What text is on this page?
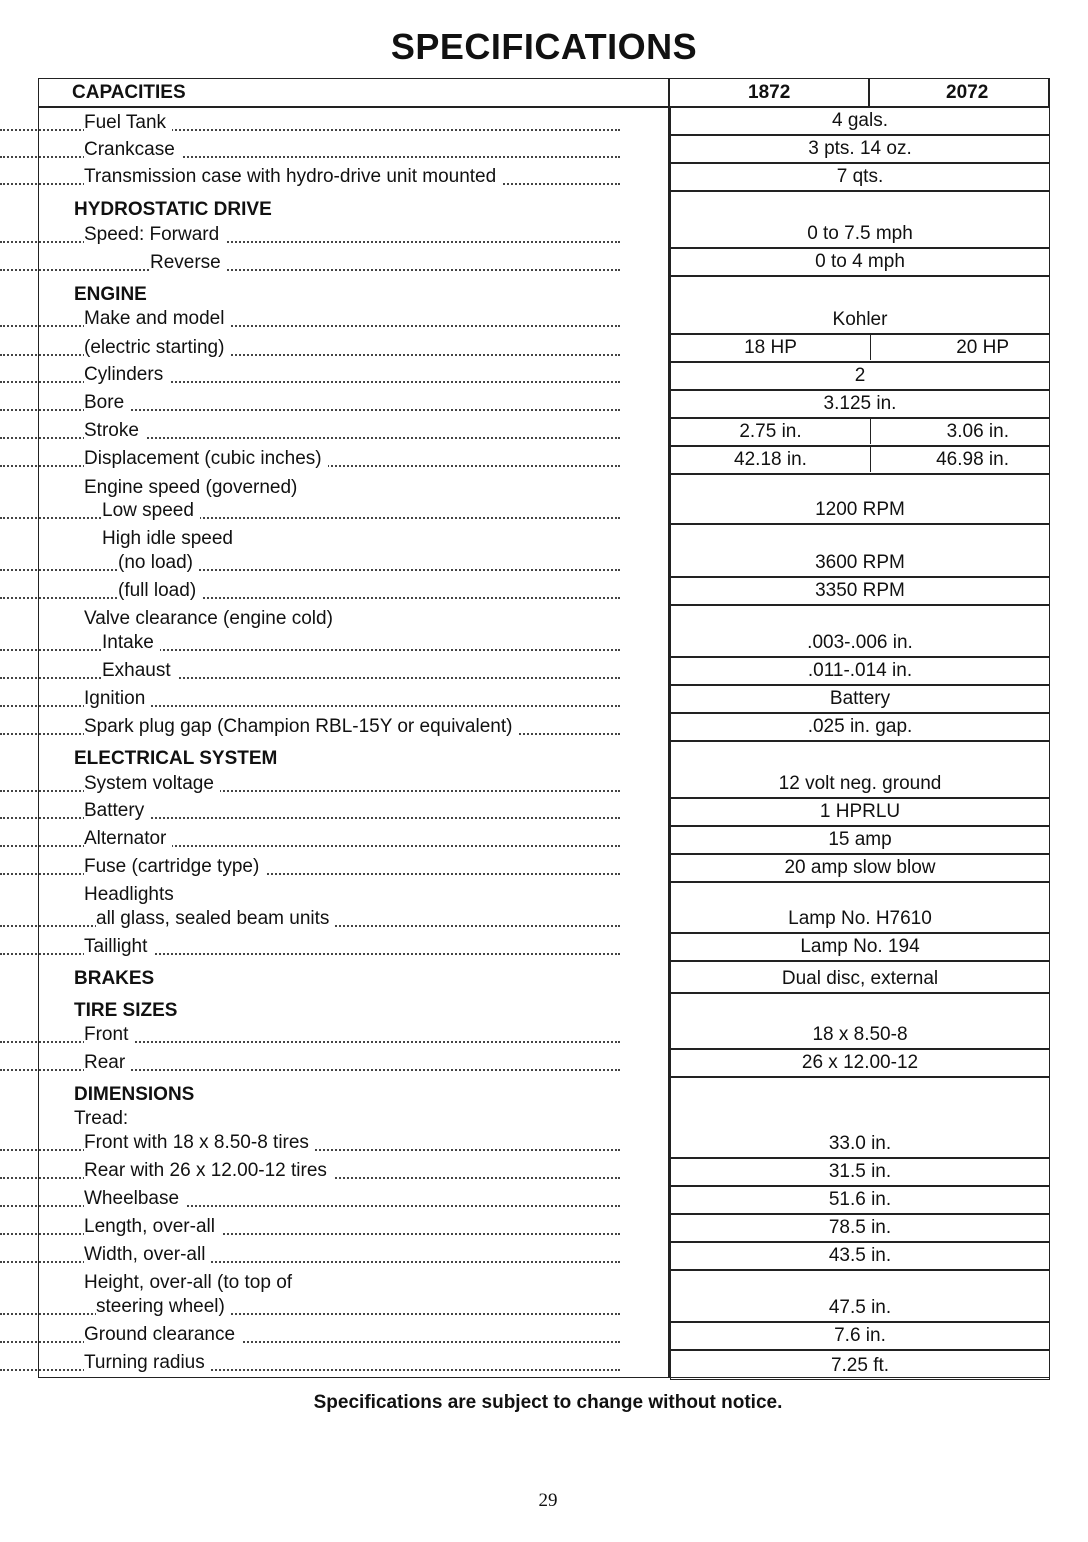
SPECIFICATIONS
CAPACITIES	1872	2072
Fuel Tank	4 gals.
Crankcase	3 pts. 14 oz.
Transmission case with hydro-drive unit mounted	7 qts.
HYDROSTATIC DRIVE
Speed: Forward	0 to 7.5 mph
Reverse	0 to 4 mph
ENGINE
Make and model	Kohler
(electric starting)	18 HP	20 HP
Cylinders	2
Bore	3.125 in.
Stroke	2.75 in.	3.06 in.
Displacement (cubic inches)	42.18 in.	46.98 in.
Engine speed (governed)
Low speed	1200 RPM
High idle speed
(no load)	3600 RPM
(full load)	3350 RPM
Valve clearance (engine cold)
Intake	.003-.006 in.
Exhaust	.011-.014 in.
Ignition	Battery
Spark plug gap (Champion RBL-15Y or equivalent)	.025 in. gap.
ELECTRICAL SYSTEM
System voltage	12 volt neg. ground
Battery	1 HPRLU
Alternator	15 amp
Fuse (cartridge type)	20 amp slow blow
Headlights
all glass, sealed beam units	Lamp No. H7610
Taillight	Lamp No. 194
BRAKES	Dual disc, external
TIRE SIZES
Front	18 x 8.50-8
Rear	26 x 12.00-12
DIMENSIONS
Tread:
Front with 18 x 8.50-8 tires	33.0 in.
Rear with 26 x 12.00-12 tires	31.5 in.
Wheelbase	51.6 in.
Length, over-all	78.5 in.
Width, over-all	43.5 in.
Height, over-all (to top of
steering wheel)	47.5 in.
Ground clearance	7.6 in.
Turning radius	7.25 ft.
Specifications are subject to change without notice.
29
